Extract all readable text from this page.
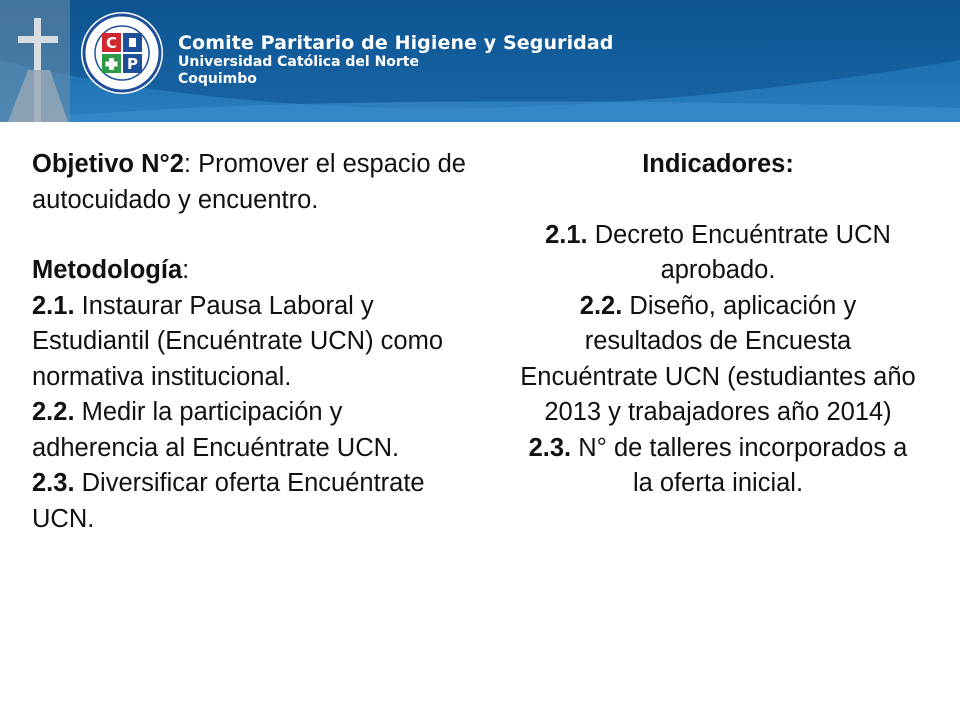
C
P
Comite Paritario de Higiene y Seguridad
Universidad Católica del Norte
Coquimbo

Objetivo N°2: Promover el espacio de autocuidado y encuentro.

Metodología:

2.1. Instaurar Pausa Laboral y Estudiantil (Encuéntrate UCN) como normativa institucional.

2.2. Medir la participación y adherencia al Encuéntrate UCN.

2.3. Diversificar oferta Encuéntrate UCN.

Indicadores:

2.1. Decreto Encuéntrate UCN aprobado.

2.2. Diseño, aplicación y resultados de Encuesta Encuéntrate UCN (estudiantes año 2013 y trabajadores año 2014)

2.3. N° de talleres incorporados a la oferta inicial.
